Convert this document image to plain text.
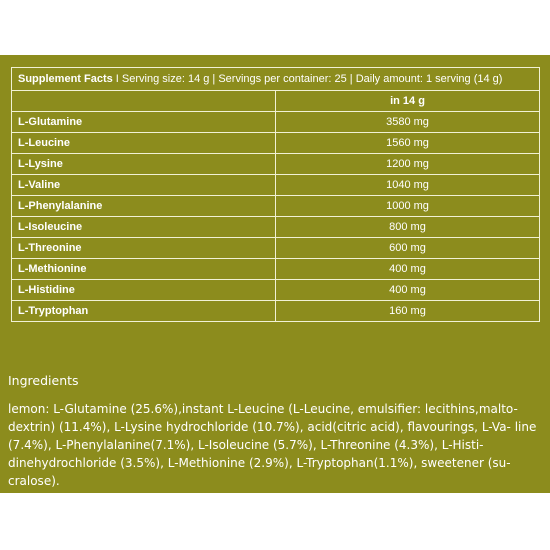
Supplement Facts I Serving size: 14 g | Servings per container: 25 | Daily amount: 1 serving (14 g)	
	in 14 g
L-Glutamine	3580 mg
L-Leucine	1560 mg
L-Lysine	1200 mg
L-Valine	1040 mg
L-Phenylalanine	1000 mg
L-Isoleucine	800 mg
L-Threonine	600 mg
L-Methionine	400 mg
L-Histidine	400 mg
L-Tryptophan	160 mg
Ingredients

lemon: L-Glutamine (25.6%),instant L-Leucine (L-Leucine, emulsifier: lecithins,malto- dextrin) (11.4%), L-Lysine hydrochloride (10.7%), acid(citric acid), flavourings, L-Va- line (7.4%), L-Phenylalanine(7.1%), L-Isoleucine (5.7%), L-Threonine (4.3%), L-Histi- dinehydrochloride (3.5%), L-Methionine (2.9%), L-Tryptophan(1.1%), sweetener (su- cralose).
